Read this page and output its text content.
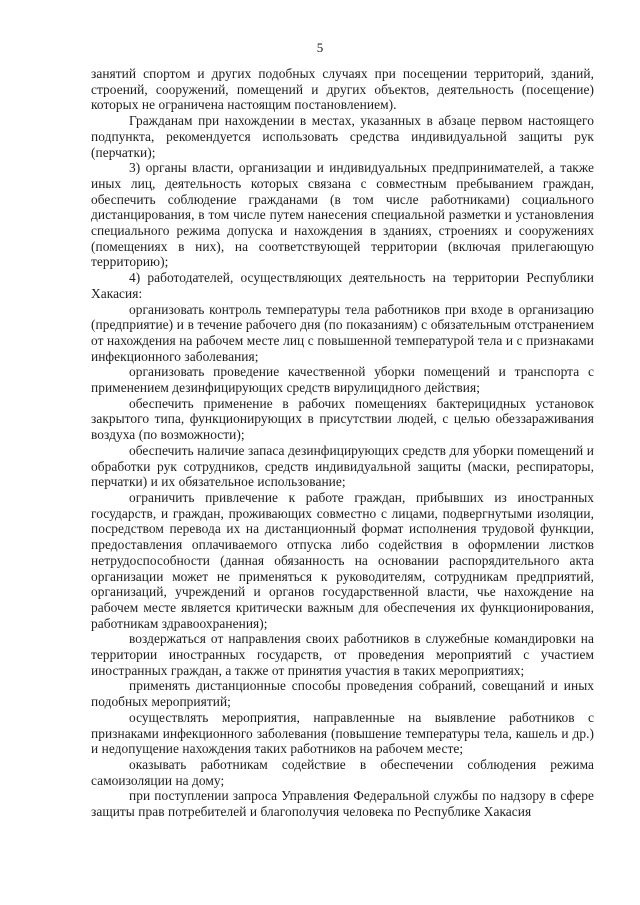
5

занятий спортом и других подобных случаях при посещении территорий, зданий, строений, сооружений, помещений и других объектов, деятельность (посещение) которых не ограничена настоящим постановлением).

Гражданам при нахождении в местах, указанных в абзаце первом настоящего подпункта, рекомендуется использовать средства индивидуальной защиты рук (перчатки);

3) органы власти, организации и индивидуальных предпринимателей, а также иных лиц, деятельность которых связана с совместным пребыванием граждан, обеспечить соблюдение гражданами (в том числе работниками) социального дистанцирования, в том числе путем нанесения специальной разметки и установления специального режима допуска и нахождения в зданиях, строениях и сооружениях (помещениях в них), на соответствующей территории (включая прилегающую территорию);

4) работодателей, осуществляющих деятельность на территории Республики Хакасия:

организовать контроль температуры тела работников при входе в организацию (предприятие) и в течение рабочего дня (по показаниям) с обязательным отстранением от нахождения на рабочем месте лиц с повышенной температурой тела и с признаками инфекционного заболевания;

организовать проведение качественной уборки помещений и транспорта с применением дезинфицирующих средств вирулицидного действия;

обеспечить применение в рабочих помещениях бактерицидных установок закрытого типа, функционирующих в присутствии людей, с целью обеззараживания воздуха (по возможности);

обеспечить наличие запаса дезинфицирующих средств для уборки помещений и обработки рук сотрудников, средств индивидуальной защиты (маски, респираторы, перчатки) и их обязательное использование;

ограничить привлечение к работе граждан, прибывших из иностранных государств, и граждан, проживающих совместно с лицами, подвергнутыми изоляции, посредством перевода их на дистанционный формат исполнения трудовой функции, предоставления оплачиваемого отпуска либо содействия в оформлении листков нетрудоспособности (данная обязанность на основании распорядительного акта организации может не применяться к руководителям, сотрудникам предприятий, организаций, учреждений и органов государственной власти, чье нахождение на рабочем месте является критически важным для обеспечения их функционирования, работникам здравоохранения);

воздержаться от направления своих работников в служебные командировки на территории иностранных государств, от проведения мероприятий с участием иностранных граждан, а также от принятия участия в таких мероприятиях;

применять дистанционные способы проведения собраний, совещаний и иных подобных мероприятий;

осуществлять мероприятия, направленные на выявление работников с признаками инфекционного заболевания (повышение температуры тела, кашель и др.) и недопущение нахождения таких работников на рабочем месте;

оказывать работникам содействие в обеспечении соблюдения режима самоизоляции на дому;

при поступлении запроса Управления Федеральной службы по надзору в сфере защиты прав потребителей и благополучия человека по Республике Хакасия
